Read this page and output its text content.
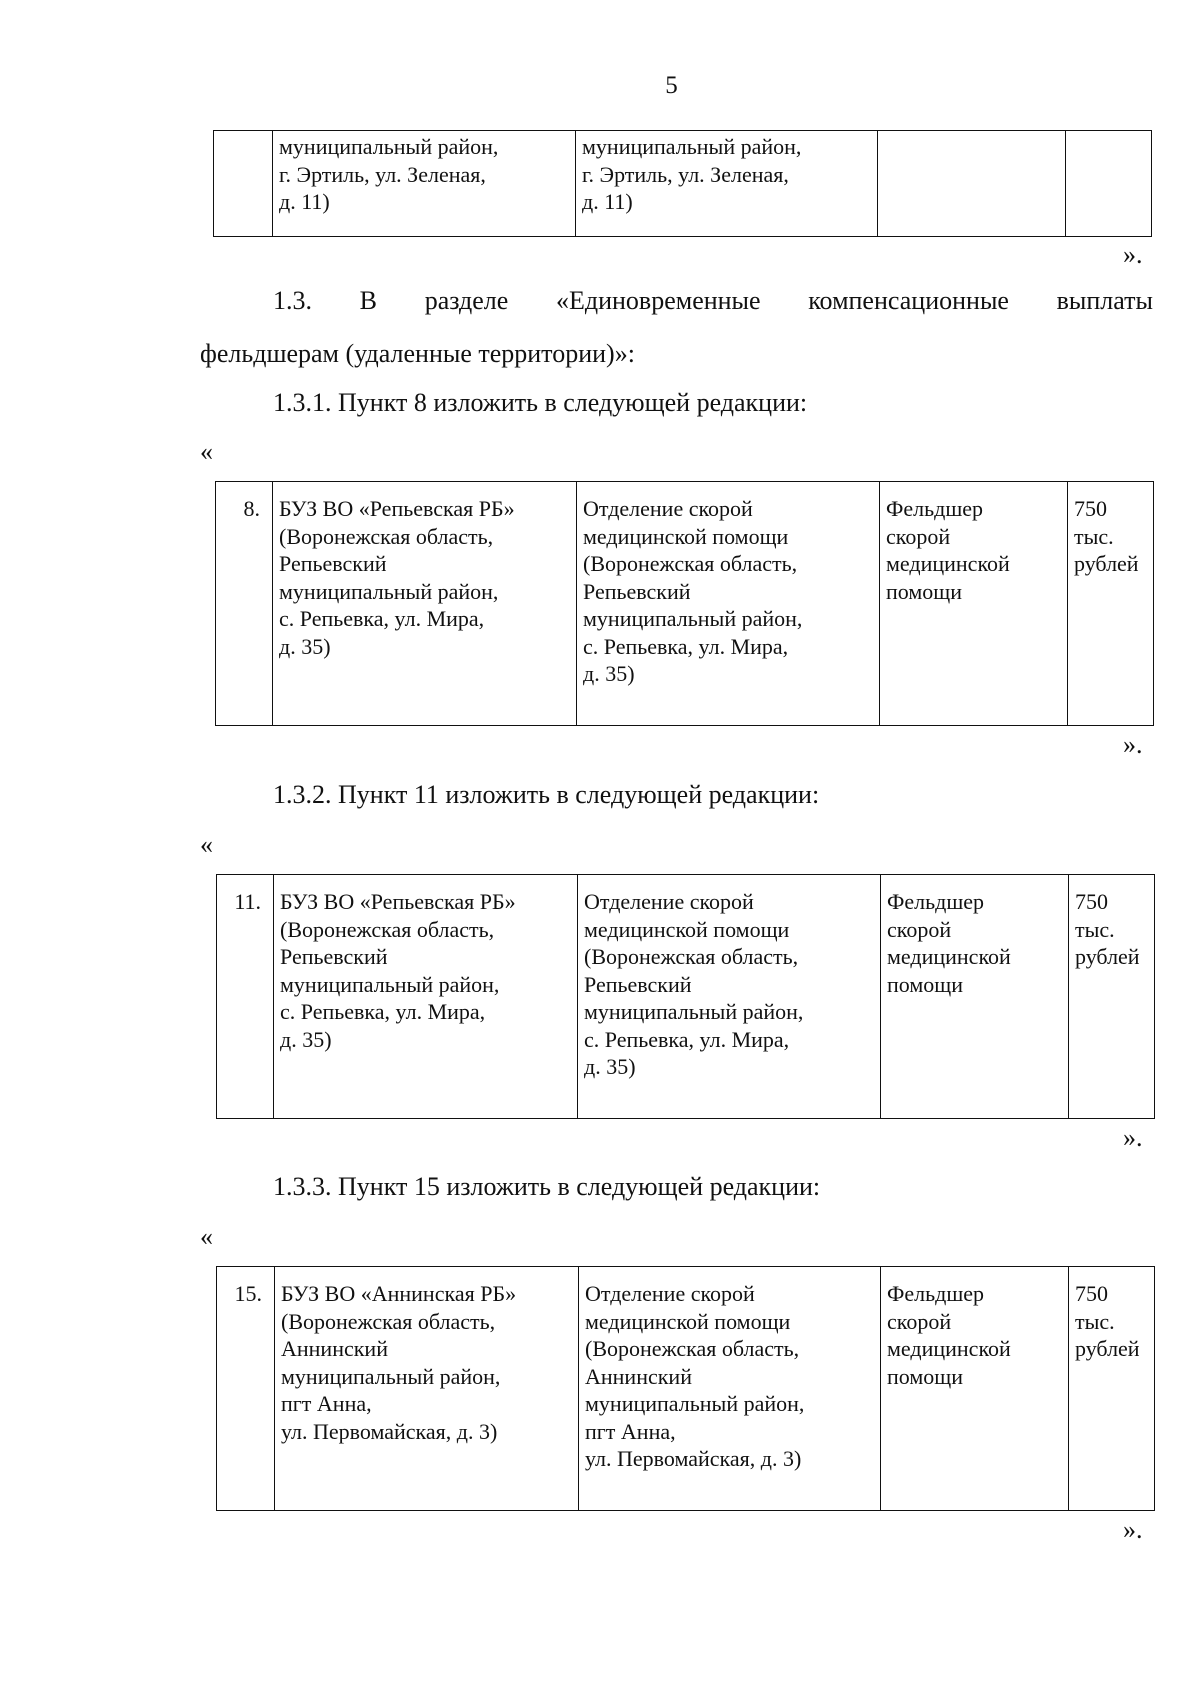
5
	муниципальный район,
г. Эртиль, ул. Зеленая,
д. 11)	муниципальный район,
г. Эртиль, ул. Зеленая,
д. 11)		
».
1.3. В разделе «Единовременные компенсационные выплаты
фельдшерам (удаленные территории)»:
1.3.1. Пункт 8 изложить в следующей редакции:
«
8.	БУЗ ВО «Репьевская РБ»
(Воронежская область,
Репьевский
муниципальный район,
с. Репьевка, ул. Мира,
д. 35)	Отделение скорой
медицинской помощи
(Воронежская область,
Репьевский
муниципальный район,
с. Репьевка, ул. Мира,
д. 35)	Фельдшер
скорой
медицинской
помощи	750
тыс.
рублей
».
1.3.2. Пункт 11 изложить в следующей редакции:
«
11.	БУЗ ВО «Репьевская РБ»
(Воронежская область,
Репьевский
муниципальный район,
с. Репьевка, ул. Мира,
д. 35)	Отделение скорой
медицинской помощи
(Воронежская область,
Репьевский
муниципальный район,
с. Репьевка, ул. Мира,
д. 35)	Фельдшер
скорой
медицинской
помощи	750
тыс.
рублей
».
1.3.3. Пункт 15 изложить в следующей редакции:
«
15.	БУЗ ВО «Аннинская РБ»
(Воронежская область,
Аннинский
муниципальный район,
пгт Анна,
ул. Первомайская, д. 3)	Отделение скорой
медицинской помощи
(Воронежская область,
Аннинский
муниципальный район,
пгт Анна,
ул. Первомайская, д. 3)	Фельдшер
скорой
медицинской
помощи	750
тыс.
рублей
».
